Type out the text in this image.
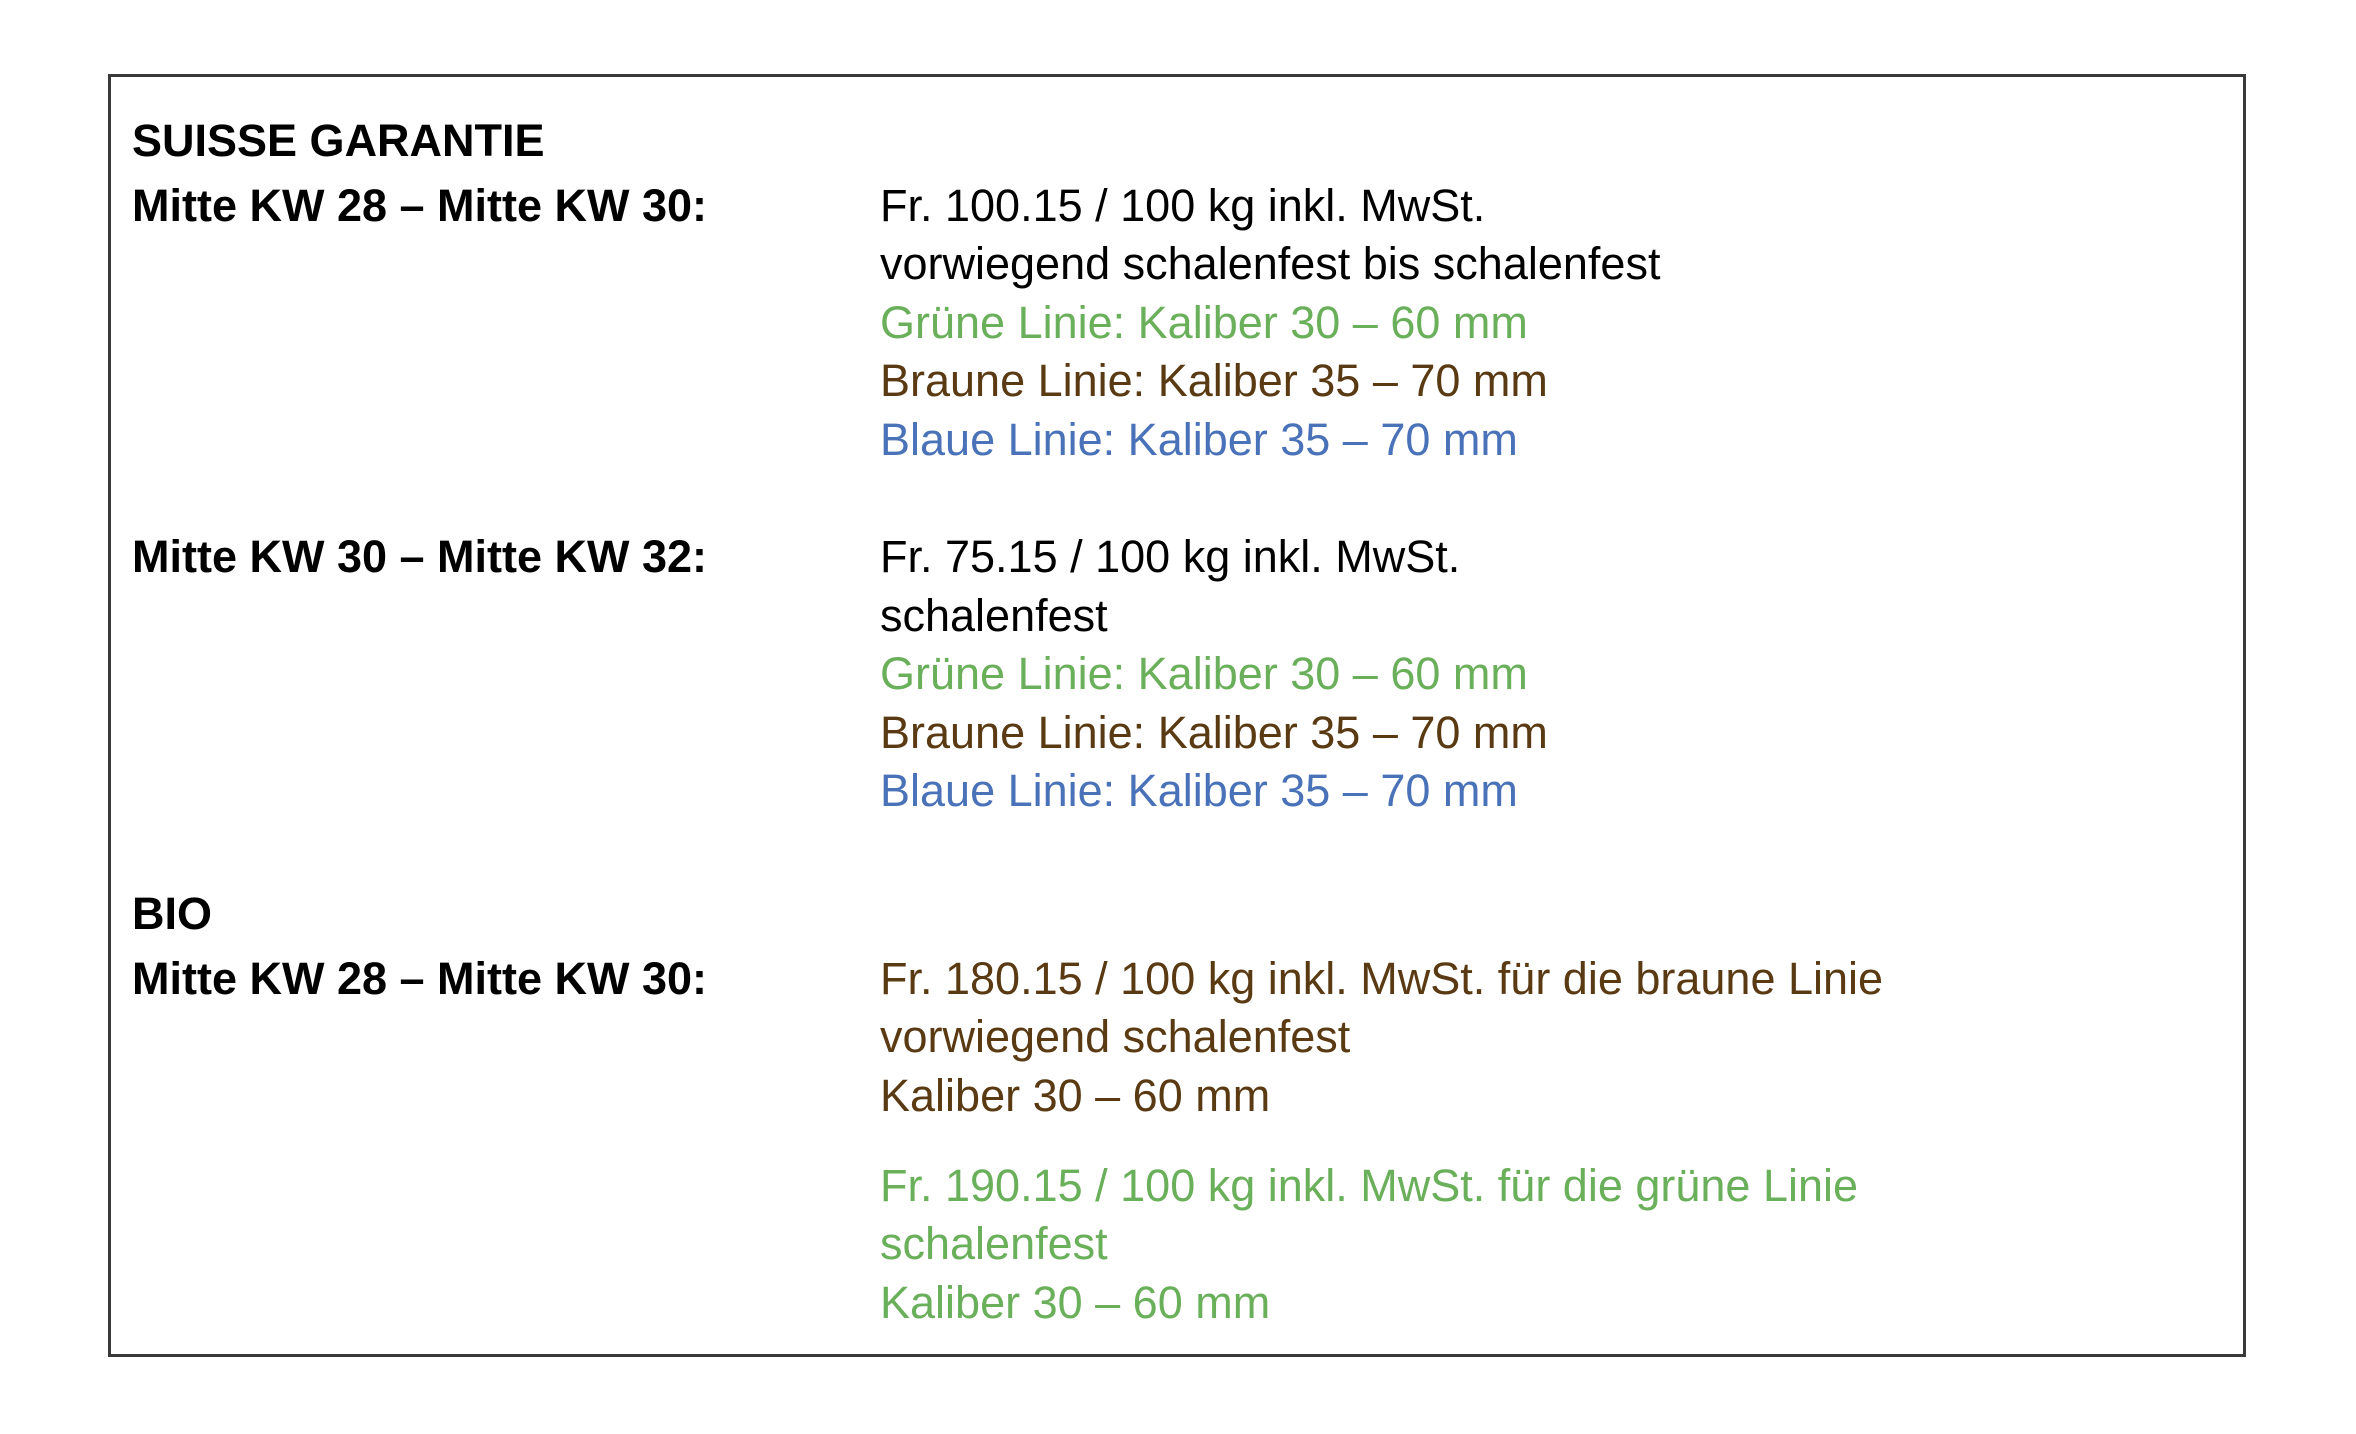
SUISSE GARANTIE
Mitte KW 28 – Mitte KW 30:	Fr. 100.15 / 100 kg inkl. MwSt.
vorwiegend schalenfest bis schalenfest
Grüne Linie: Kaliber 30 – 60 mm
Braune Linie: Kaliber 35 – 70 mm
Blaue Linie: Kaliber 35 – 70 mm
Mitte KW 30 – Mitte KW 32:	Fr. 75.15 / 100 kg inkl. MwSt.
schalenfest
Grüne Linie: Kaliber 30 – 60 mm
Braune Linie: Kaliber 35 – 70 mm
Blaue Linie: Kaliber 35 – 70 mm
BIO
Mitte KW 28 – Mitte KW 30:	Fr. 180.15 / 100 kg inkl. MwSt. für die braune Linie
vorwiegend schalenfest
Kaliber 30 – 60 mm
Fr. 190.15 / 100 kg inkl. MwSt. für die grüne Linie
schalenfest
Kaliber 30 – 60 mm
